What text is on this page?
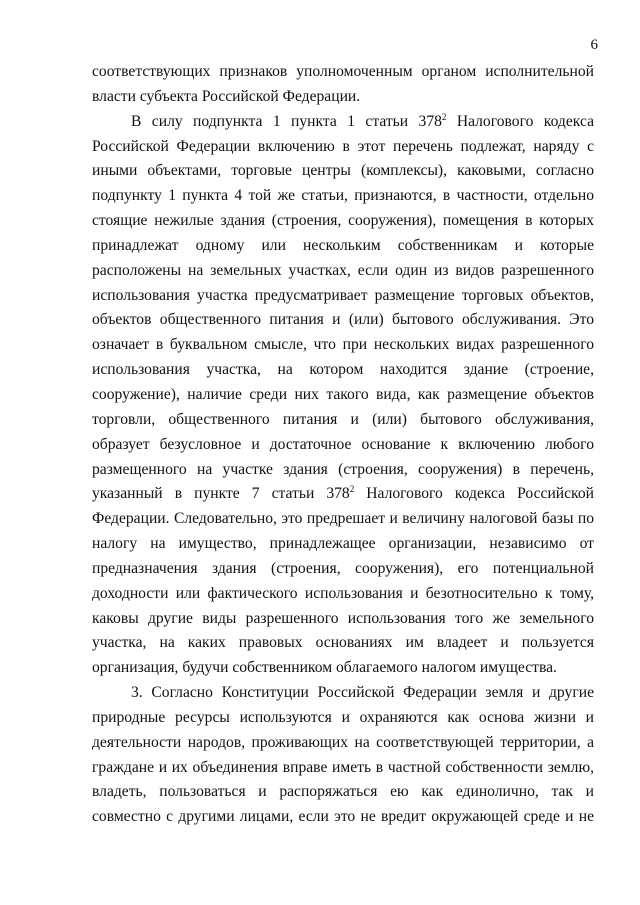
6
соответствующих признаков уполномоченным органом исполнительной
власти субъекта Российской Федерации.
В силу подпункта 1 пункта 1 статьи $378^2$ Налогового кодекса
Российской Федерации включению в этот перечень подлежат, наряду с
иными объектами, торговые центры (комплексы), каковыми, согласно
подпункту 1 пункта 4 той же статьи, признаются, в частности, отдельно
стоящие нежилые здания (строения, сооружения), помещения в которых
принадлежат одному или нескольким собственникам и которые
расположены на земельных участках, если один из видов разрешенного
использования участка предусматривает размещение торговых объектов,
объектов общественного питания и (или) бытового обслуживания. Это
означает в буквальном смысле, что при нескольких видах разрешенного
использования участка, на котором находится здание (строение,
сооружение), наличие среди них такого вида, как размещение объектов
торговли, общественного питания и (или) бытового обслуживания,
образует безусловное и достаточное основание к включению любого
размещенного на участке здания (строения, сооружения) в перечень,
указанный в пункте 7 статьи $378^2$ Налогового кодекса Российской
Федерации. Следовательно, это предрешает и величину налоговой базы по
налогу на имущество, принадлежащее организации, независимо от
предназначения здания (строения, сооружения), его потенциальной
доходности или фактического использования и безотносительно к тому,
каковы другие виды разрешенного использования того же земельного
участка, на каких правовых основаниях им владеет и пользуется
организация, будучи собственником облагаемого налогом имущества.
3. Согласно Конституции Российской Федерации земля и другие
природные ресурсы используются и охраняются как основа жизни и
деятельности народов, проживающих на соответствующей территории, а
граждане и их объединения вправе иметь в частной собственности землю,
владеть, пользоваться и распоряжаться ею как единолично, так и
совместно с другими лицами, если это не вредит окружающей среде и не
